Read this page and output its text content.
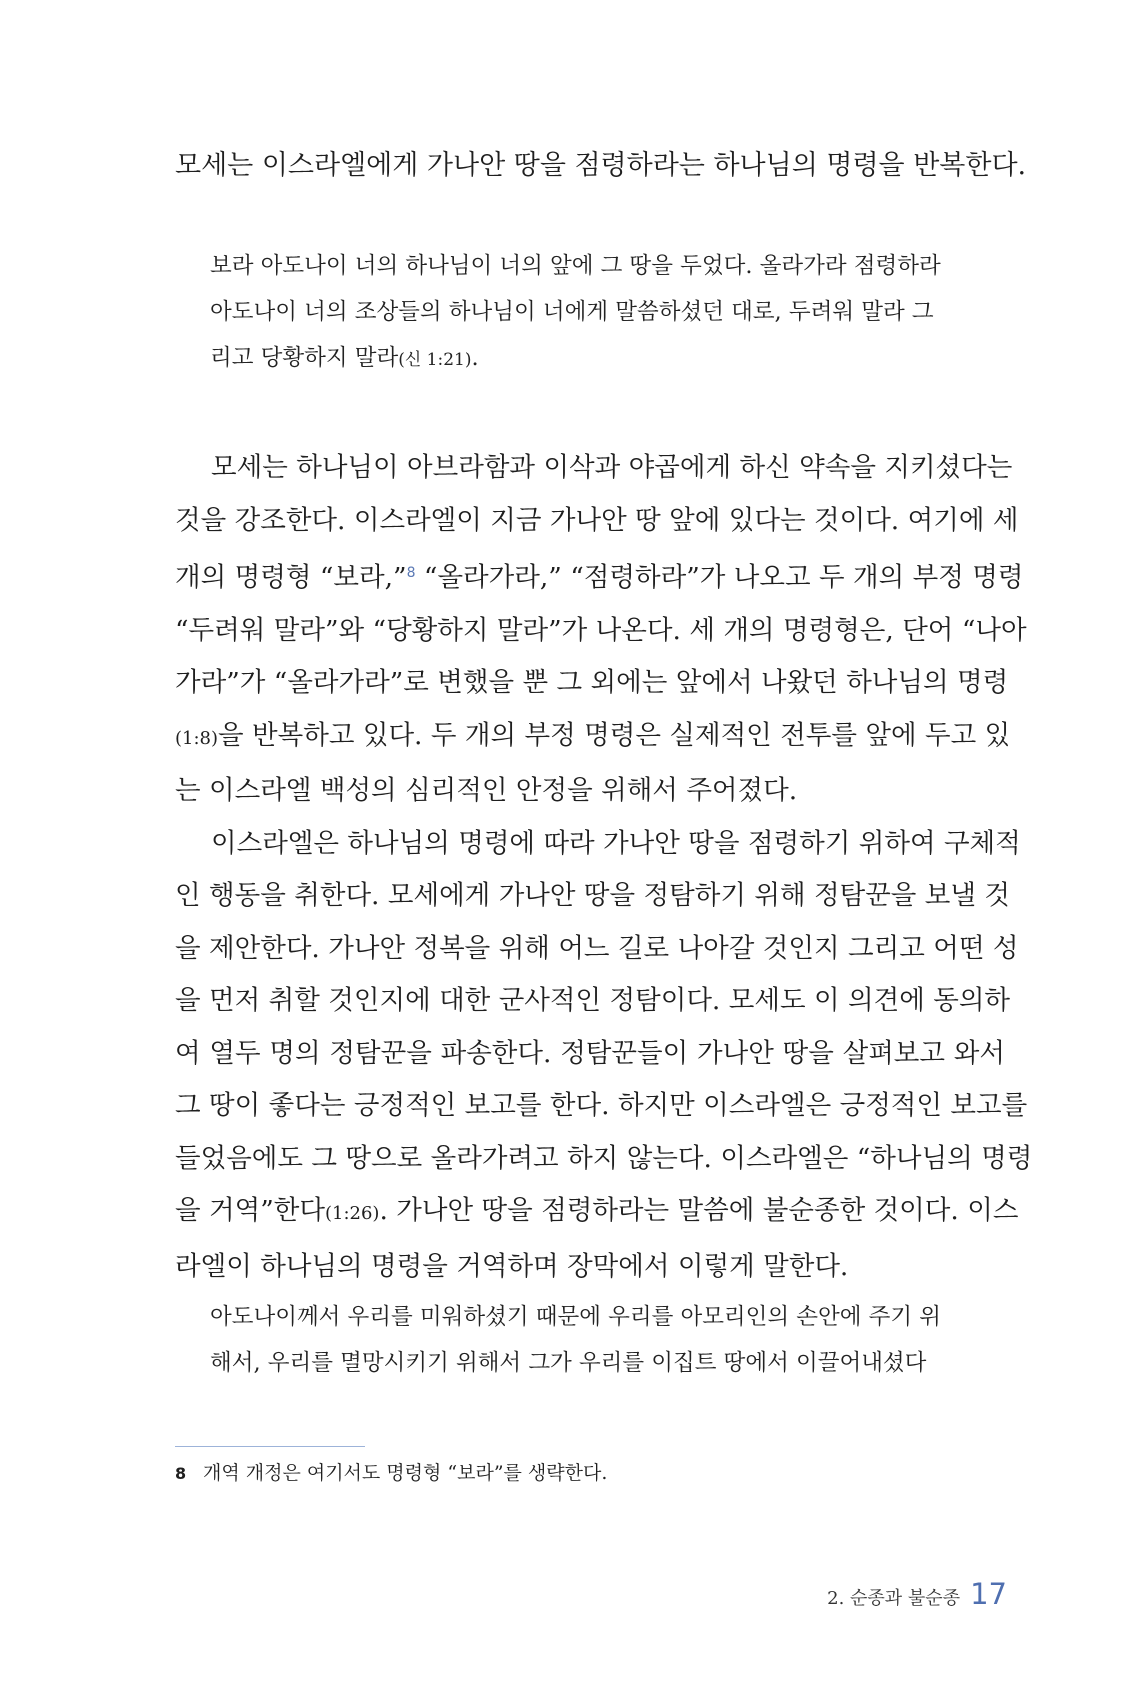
모세는 이스라엘에게 가나안 땅을 점령하라는 하나님의 명령을 반복한다.
보라 아도나이 너의 하나님이 너의 앞에 그 땅을 두었다. 올라가라 점령하라
아도나이 너의 조상들의 하나님이 너에게 말씀하셨던 대로, 두려워 말라 그
리고 당황하지 말라(신 1:21).
모세는 하나님이 아브라함과 이삭과 야곱에게 하신 약속을 지키셨다는
것을 강조한다. 이스라엘이 지금 가나안 땅 앞에 있다는 것이다. 여기에 세
개의 명령형 “보라,”$^8$ “올라가라,” “점령하라”가 나오고 두 개의 부정 명령
“두려워 말라”와 “당황하지 말라”가 나온다. 세 개의 명령형은, 단어 “나아
가라”가 “올라가라”로 변했을 뿐 그 외에는 앞에서 나왔던 하나님의 명령
(1:8)을 반복하고 있다. 두 개의 부정 명령은 실제적인 전투를 앞에 두고 있
는 이스라엘 백성의 심리적인 안정을 위해서 주어졌다.
이스라엘은 하나님의 명령에 따라 가나안 땅을 점령하기 위하여 구체적
인 행동을 취한다. 모세에게 가나안 땅을 정탐하기 위해 정탐꾼을 보낼 것
을 제안한다. 가나안 정복을 위해 어느 길로 나아갈 것인지 그리고 어떤 성
을 먼저 취할 것인지에 대한 군사적인 정탐이다. 모세도 이 의견에 동의하
여 열두 명의 정탐꾼을 파송한다. 정탐꾼들이 가나안 땅을 살펴보고 와서
그 땅이 좋다는 긍정적인 보고를 한다. 하지만 이스라엘은 긍정적인 보고를
들었음에도 그 땅으로 올라가려고 하지 않는다. 이스라엘은 “하나님의 명령
을 거역”한다(1:26). 가나안 땅을 점령하라는 말씀에 불순종한 것이다. 이스
라엘이 하나님의 명령을 거역하며 장막에서 이렇게 말한다.
아도나이께서 우리를 미워하셨기 때문에 우리를 아모리인의 손안에 주기 위
해서, 우리를 멸망시키기 위해서 그가 우리를 이집트 땅에서 이끌어내셨다
8 개역 개정은 여기서도 명령형 “보라”를 생략한다.
2. 순종과 불순종 17
